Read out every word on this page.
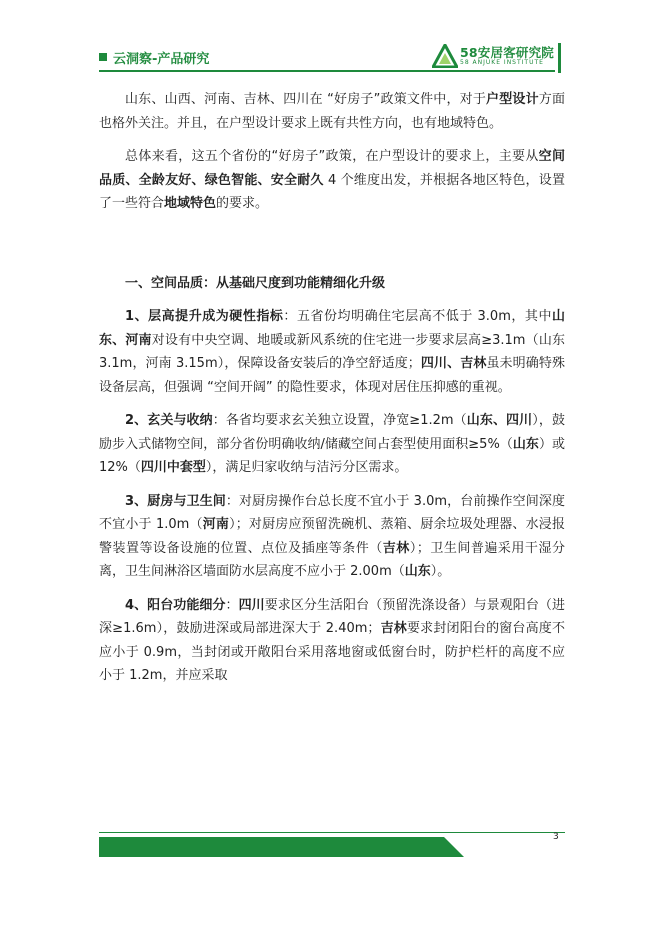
云洞察-产品研究	58安居客研究院
58 ANJUKE INSTITUTE

山东、山西、河南、吉林、四川在 “好房子”政策文件中，对于户型设计方面也格外关注。并且，在户型设计要求上既有共性方向，也有地域特色。

总体来看，这五个省份的“好房子”政策，在户型设计的要求上，主要从空间品质、全龄友好、绿色智能、安全耐久 4 个维度出发，并根据各地区特色，设置了一些符合地域特色的要求。

一、空间品质：从基础尺度到功能精细化升级

1、层高提升成为硬性指标：五省份均明确住宅层高不低于 3.0m，其中山东、河南对设有中央空调、地暖或新风系统的住宅进一步要求层高≥3.1m（山东 3.1m，河南 3.15m），保障设备安装后的净空舒适度；四川、吉林虽未明确特殊设备层高，但强调 “空间开阔” 的隐性要求，体现对居住压抑感的重视。

2、玄关与收纳：各省均要求玄关独立设置，净宽≥1.2m（山东、四川），鼓励步入式储物空间，部分省份明确收纳/储藏空间占套型使用面积≥5%（山东）或 12%（四川中套型），满足归家收纳与洁污分区需求。

3、厨房与卫生间：对厨房操作台总长度不宜小于 3.0m，台前操作空间深度不宜小于 1.0m（河南）；对厨房应预留洗碗机、蒸箱、厨余垃圾处理器、水浸报警装置等设备设施的位置、点位及插座等条件（吉林）；卫生间普遍采用干湿分离，卫生间淋浴区墙面防水层高度不应小于 2.00m（山东）。

4、阳台功能细分：四川要求区分生活阳台（预留洗涤设备）与景观阳台（进深≥1.6m），鼓励进深或局部进深大于 2.40m；吉林要求封闭阳台的窗台高度不应小于 0.9m，当封闭或开敞阳台采用落地窗或低窗台时，防护栏杆的高度不应小于 1.2m，并应采取

3
